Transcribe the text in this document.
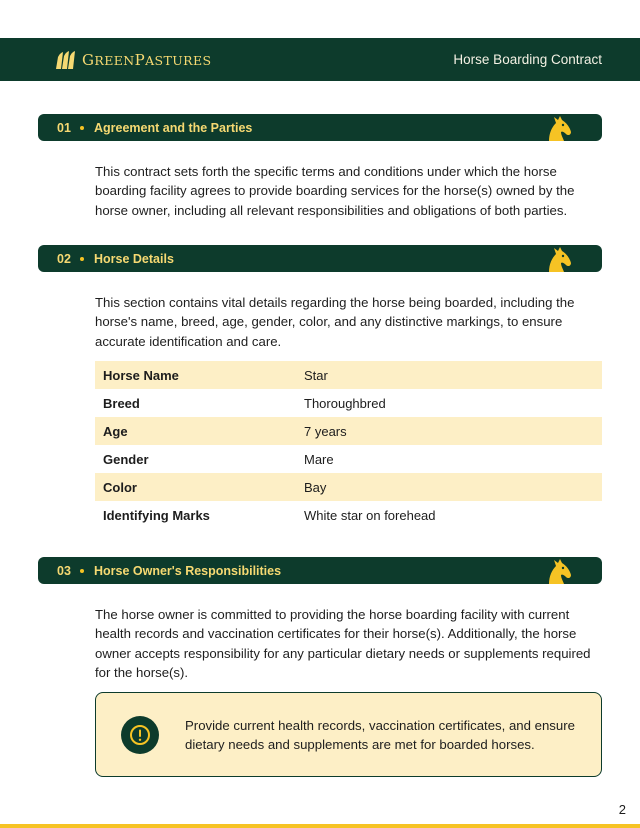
GREENPASTURES	Horse Boarding Contract
01	Agreement and the Parties

This contract sets forth the specific terms and conditions under which the horse boarding facility agrees to provide boarding services for the horse(s) owned by the horse owner, including all relevant responsibilities and obligations of both parties.

02	Horse Details

This section contains vital details regarding the horse being boarded, including the horse's name, breed, age, gender, color, and any distinctive markings, to ensure accurate identification and care.

Horse Name	Star
Breed	Thoroughbred
Age	7 years
Gender	Mare
Color	Bay
Identifying Marks	White star on forehead
03	Horse Owner's Responsibilities

The horse owner is committed to providing the horse boarding facility with current health records and vaccination certificates for their horse(s). Additionally, the horse owner accepts responsibility for any particular dietary needs or supplements required for the horse(s).

Provide current health records, vaccination certificates, and ensure dietary needs and supplements are met for boarded horses.

2
